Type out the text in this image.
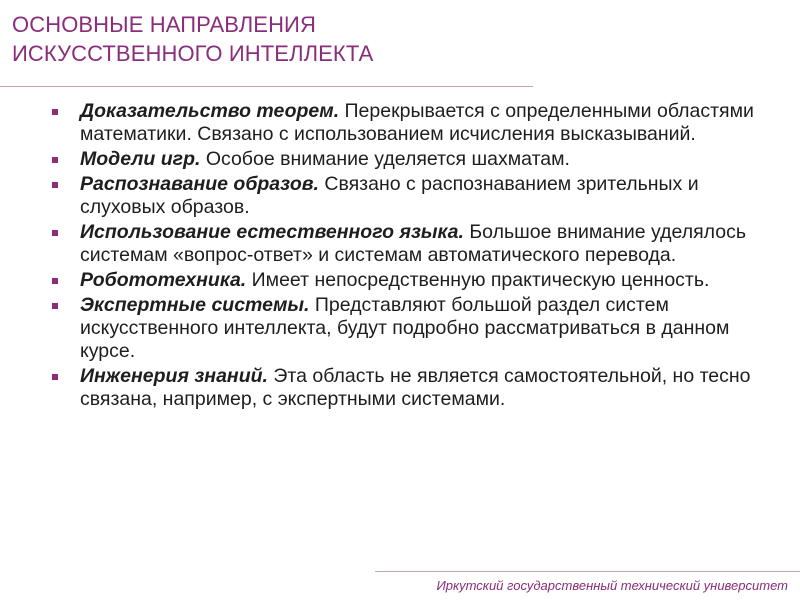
ОСНОВНЫЕ НАПРАВЛЕНИЯ
ИСКУССТВЕННОГО ИНТЕЛЛЕКТА
Доказательство теорем. Перекрывается с определенными областями математики. Связано с использованием исчисления высказываний.
Модели игр. Особое внимание уделяется шахматам.
Распознавание образов. Связано с распознаванием зрительных и слуховых образов.
Использование естественного языка. Большое внимание уделялось системам «вопрос-ответ» и системам автоматического перевода.
Робототехника. Имеет непосредственную практическую ценность.
Экспертные системы. Представляют большой раздел систем искусственного интеллекта, будут подробно рассматриваться в данном курсе.
Инженерия знаний. Эта область не является самостоятельной, но тесно связана, например, с экспертными системами.
Иркутский государственный технический университет
